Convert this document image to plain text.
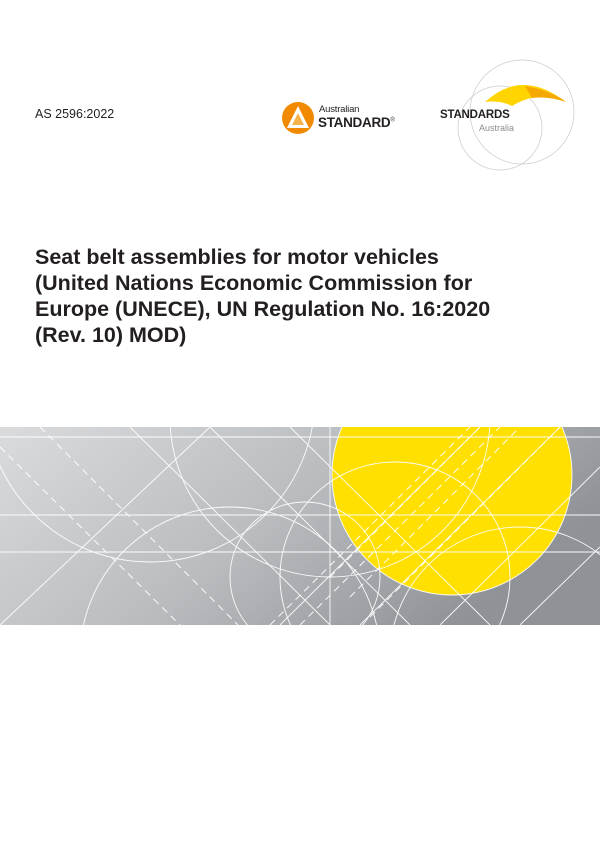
AS 2596:2022	Australian
STANDARD®	STANDARDS
Australia
Seat belt assemblies for motor vehicles
(United Nations Economic Commission for
Europe (UNECE), UN Regulation No. 16:2020
(Rev. 10) MOD)
